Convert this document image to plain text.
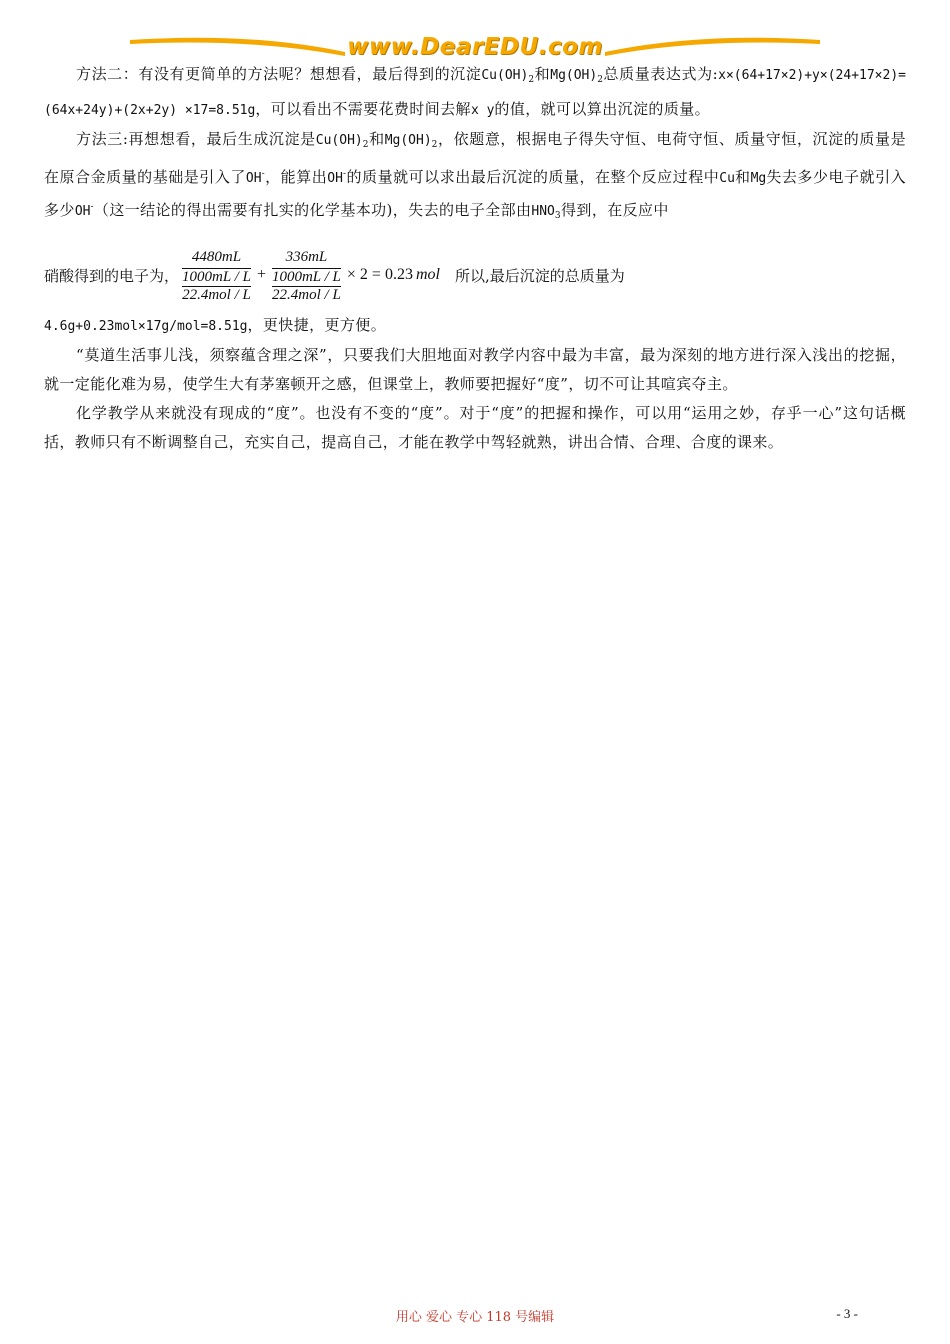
www.DearEDU.com

方法二：有没有更简单的方法呢？想想看，最后得到的沉淀$Cu(OH)_2$和$Mg(OH)_2$总质量表达式为:x×(64+17×2)+y×(24+17×2)=(64x+24y)+(2x+2y) ×17=8.51g，可以看出不需要花费时间去解x y的值，就可以算出沉淀的质量。

方法三:再想想看，最后生成沉淀是$Cu(OH)_2$和$Mg(OH)_2$，依题意，根据电子得失守恒、电荷守恒、质量守恒，沉淀的质量是在原合金质量的基础是引入了OH-，能算出OH-的质量就可以求出最后沉淀的质量，在整个反应过程中Cu和Mg失去多少电子就引入多少OH-（这一结论的得出需要有扎实的化学基本功)，失去的电子全部由$HNO_3$得到，在反应中

硝酸得到的电子为， $\frac{4480mL}{\frac{1000mL / L}{\text{22.4mol / L}}} + \frac{336mL}{\frac{1000mL / L}{\text{22.4mol / L}}} \times 2 = 0.23$ mol 所以,最后沉淀的总质量为

4.6g+0.23mol×17g/mol=8.51g，更快捷，更方便。

“莫道生活事儿浅，须察蕴含理之深”，只要我们大胆地面对教学内容中最为丰富，最为深刻的地方进行深入浅出的挖掘，就一定能化难为易，使学生大有茅塞顿开之感，但课堂上，教师要把握好“度”，切不可让其喧宾夺主。

化学教学从来就没有现成的“度”。也没有不变的“度”。对于“度”的把握和操作，可以用“运用之妙，存乎一心”这句话概括，教师只有不断调整自己，充实自己，提高自己，才能在教学中驾轻就熟，讲出合情、合理、合度的课来。

用心 爱心 专心 118 号编辑	- 3 -
